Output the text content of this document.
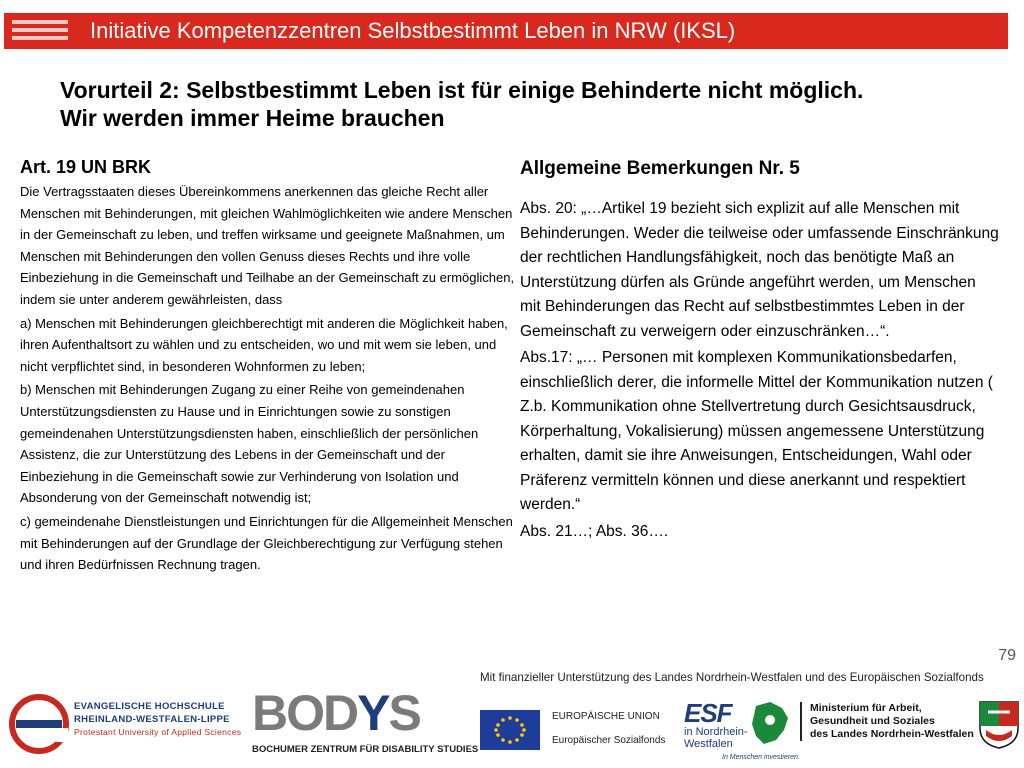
Initiative Kompetenzzentren Selbstbestimmt Leben in NRW (IKSL)
Vorurteil 2: Selbstbestimmt Leben ist für einige Behinderte nicht möglich.
Wir werden immer Heime brauchen
Art. 19 UN BRK

Die Vertragsstaaten dieses Übereinkommens anerkennen das gleiche Recht aller Menschen mit Behinderungen, mit gleichen Wahlmöglichkeiten wie andere Menschen in der Gemeinschaft zu leben, und treffen wirksame und geeignete Maßnahmen, um Menschen mit Behinderungen den vollen Genuss dieses Rechts und ihre volle Einbeziehung in die Gemeinschaft und Teilhabe an der Gemeinschaft zu ermöglichen, indem sie unter anderem gewährleisten, dass

a) Menschen mit Behinderungen gleichberechtigt mit anderen die Möglichkeit haben, ihren Aufenthaltsort zu wählen und zu entscheiden, wo und mit wem sie leben, und nicht verpflichtet sind, in besonderen Wohnformen zu leben;

b) Menschen mit Behinderungen Zugang zu einer Reihe von gemeindenahen Unterstützungsdiensten zu Hause und in Einrichtungen sowie zu sonstigen gemeindenahen Unterstützungsdiensten haben, einschließlich der persönlichen Assistenz, die zur Unterstützung des Lebens in der Gemeinschaft und der Einbeziehung in die Gemeinschaft sowie zur Verhinderung von Isolation und Absonderung von der Gemeinschaft notwendig ist;

c) gemeindenahe Dienstleistungen und Einrichtungen für die Allgemeinheit Menschen mit Behinderungen auf der Grundlage der Gleichberechtigung zur Verfügung stehen und ihren Bedürfnissen Rechnung tragen.

Allgemeine Bemerkungen Nr. 5

Abs. 20: „…Artikel 19 bezieht sich explizit auf alle Menschen mit Behinderungen. Weder die teilweise oder umfassende Einschränkung der rechtlichen Handlungsfähigkeit, noch das benötigte Maß an Unterstützung dürfen als Gründe angeführt werden, um Menschen mit Behinderungen das Recht auf selbstbestimmtes Leben in der Gemeinschaft zu verweigern oder einzuschränken…“.

Abs.17: „… Personen mit komplexen Kommunikationsbedarfen, einschließlich derer, die informelle Mittel der Kommunikation nutzen ( Z.b. Kommunikation ohne Stellvertretung durch Gesichtsausdruck, Körperhaltung, Vokalisierung) müssen angemessene Unterstützung erhalten, damit sie ihre Anweisungen, Entscheidungen, Wahl oder Präferenz vermitteln können und diese anerkannt und respektiert werden.“

Abs. 21…; Abs. 36….

79
Mit finanzieller Unterstützung des Landes Nordrhein-Westfalen und des Europäischen Sozialfonds
EVANGELISCHE HOCHSCHULE
RHEINLAND-WESTFALEN-LIPPE
Protestant University of Applied Sciences BODYS
BOCHUMER ZENTRUM FÜR DISABILITY STUDIES
EUROPÄISCHE UNION
Europäischer Sozialfonds
ESF
in Nordrhein-
Westfalen
In Menschen investieren.
Ministerium für Arbeit,
Gesundheit und Soziales
des Landes Nordrhein-Westfalen
